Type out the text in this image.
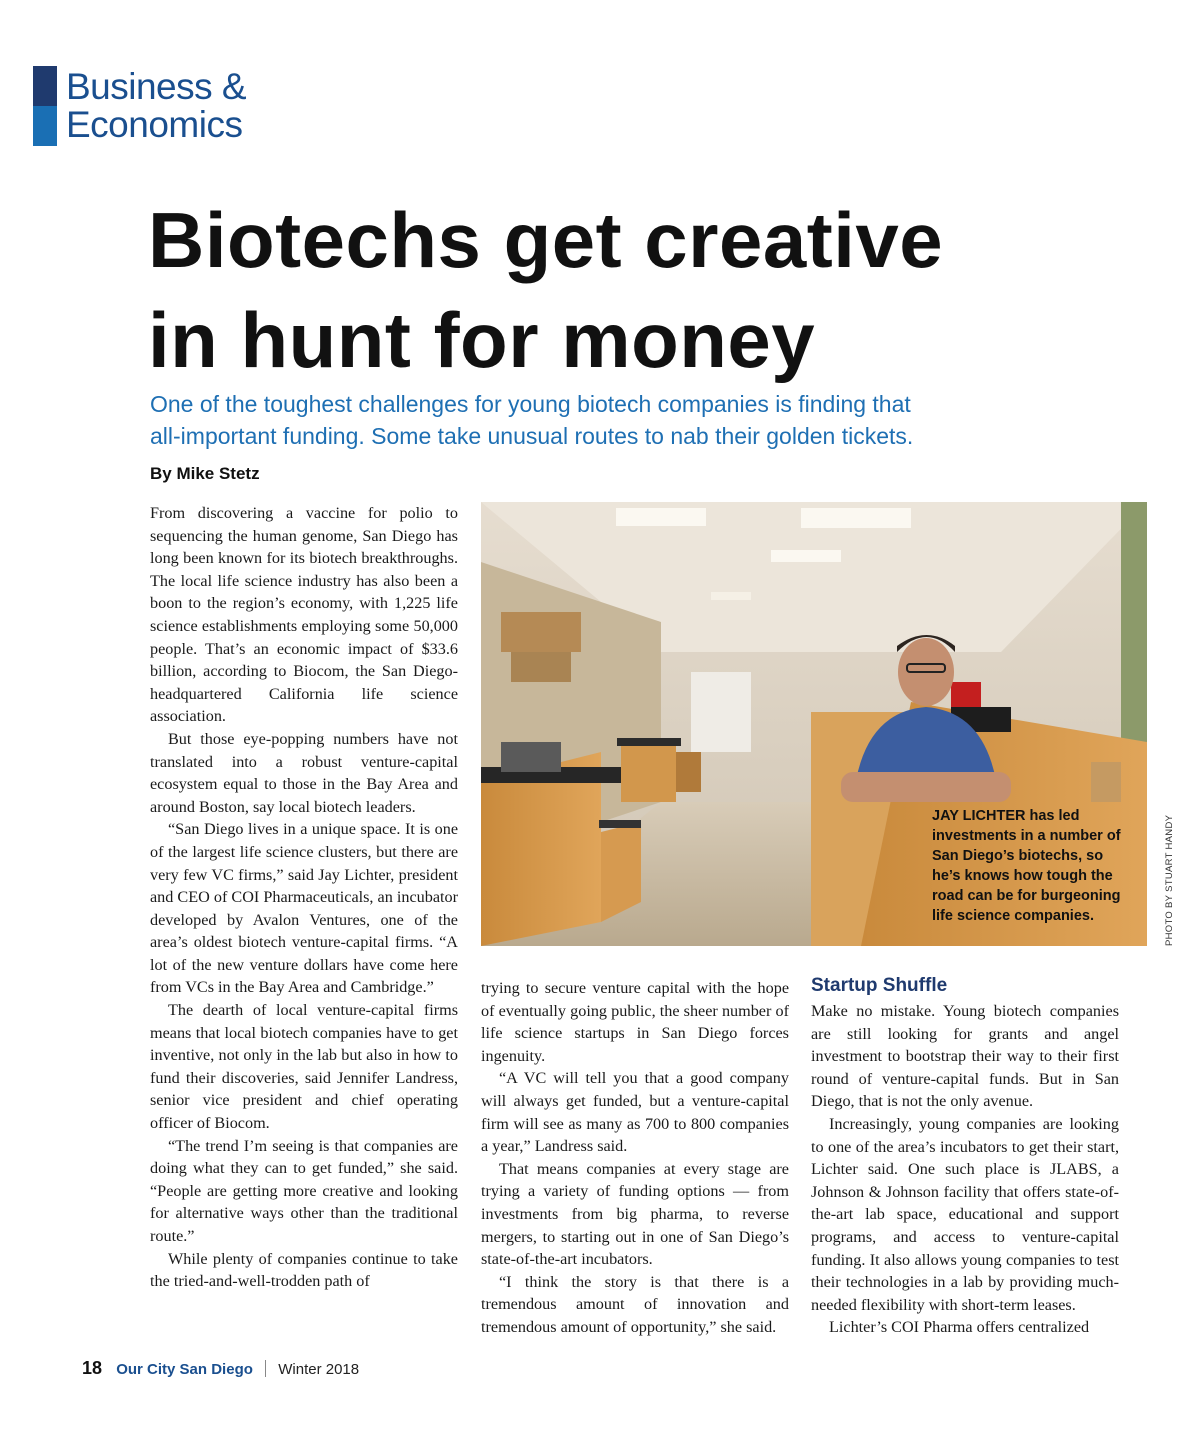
Business &
Economics
Biotechs get creative
in hunt for money
One of the toughest challenges for young biotech companies is finding that
all-important funding. Some take unusual routes to nab their golden tickets.
By Mike Stetz

From discovering a vaccine for polio to sequencing the human genome, San Diego has long been known for its biotech breakthroughs. The local life science industry has also been a boon to the region’s economy, with 1,225 life science establishments employing some 50,000 people. That’s an economic impact of $33.6 billion, according to Biocom, the San Diego-headquartered California life science association.

But those eye-popping numbers have not translated into a robust venture-capital ecosystem equal to those in the Bay Area and around Boston, say local biotech leaders.

“San Diego lives in a unique space. It is one of the largest life science clusters, but there are very few VC firms,” said Jay Lichter, president and CEO of COI Pharmaceuticals, an incubator developed by Avalon Ventures, one of the area’s oldest biotech venture-capital firms. “A lot of the new venture dollars have come here from VCs in the Bay Area and Cambridge.”

The dearth of local venture-capital firms means that local biotech companies have to get inventive, not only in the lab but also in how to fund their discoveries, said Jennifer Landress, senior vice president and chief operating officer of Biocom.

“The trend I’m seeing is that companies are doing what they can to get funded,” she said. “People are getting more creative and looking for alternative ways other than the traditional route.”

While plenty of companies continue to take the tried-and-well-trodden path of

JAY LICHTER has led investments in a number of San Diego’s biotechs, so he’s knows how tough the road can be for burgeoning life science companies.	PHOTO BY STUART HANDY

trying to secure venture capital with the hope of eventually going public, the sheer number of life science startups in San Diego forces ingenuity.

“A VC will tell you that a good company will always get funded, but a venture-capital firm will see as many as 700 to 800 companies a year,” Landress said.

That means companies at every stage are trying a variety of funding options — from investments from big pharma, to reverse mergers, to starting out in one of San Diego’s state-of-the-art incubators.

“I think the story is that there is a tremendous amount of innovation and tremendous amount of opportunity,” she said.

Startup Shuffle

Make no mistake. Young biotech companies are still looking for grants and angel investment to bootstrap their way to their first round of venture-capital funds. But in San Diego, that is not the only avenue.

Increasingly, young companies are looking to one of the area’s incubators to get their start, Lichter said. One such place is JLABS, a Johnson & Johnson facility that offers state-of-the-art lab space, educational and support programs, and access to venture-capital funding. It also allows young companies to test their technologies in a lab by providing much-needed flexibility with short-term leases.

Lichter’s COI Pharma offers centralized

18 Our City San Diego Winter 2018
